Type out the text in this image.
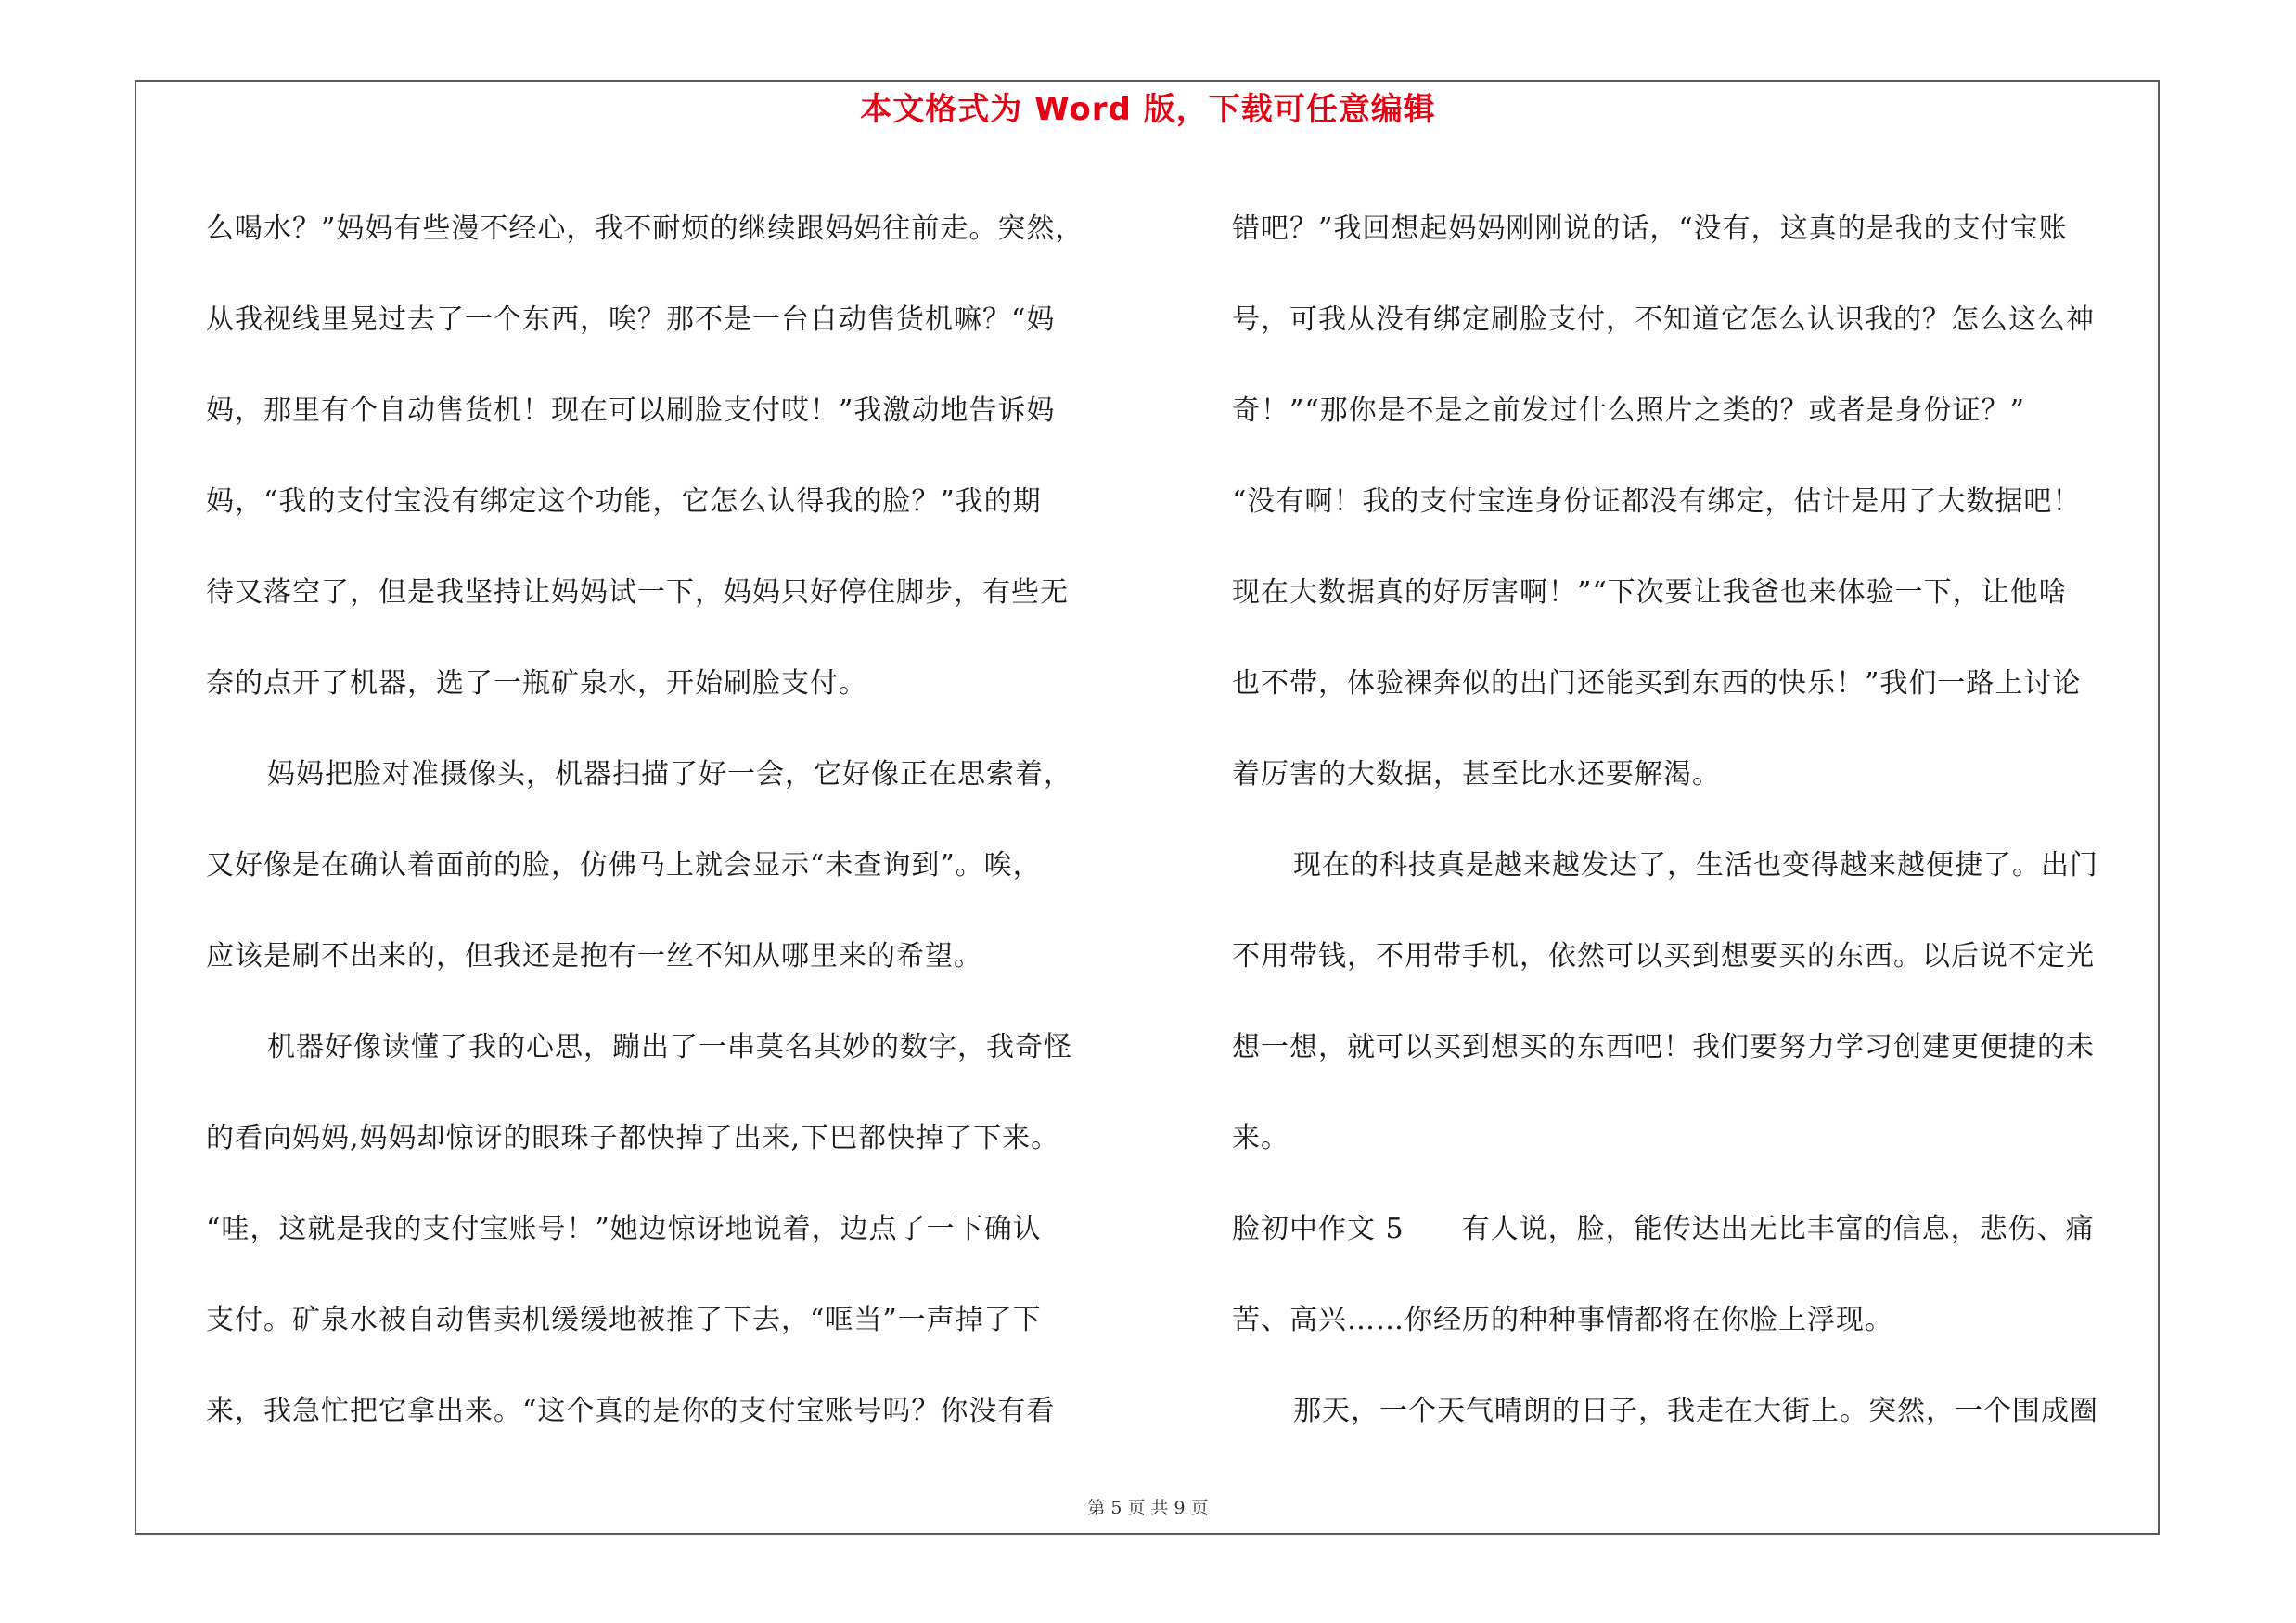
本文格式为 Word 版，下载可任意编辑
么喝水？”妈妈有些漫不经心，我不耐烦的继续跟妈妈往前走。突然，
从我视线里晃过去了一个东西，唉？那不是一台自动售货机嘛？“妈
妈，那里有个自动售货机！现在可以刷脸支付哎！”我激动地告诉妈
妈，“我的支付宝没有绑定这个功能，它怎么认得我的脸？”我的期
待又落空了，但是我坚持让妈妈试一下，妈妈只好停住脚步，有些无
奈的点开了机器，选了一瓶矿泉水，开始刷脸支付。
妈妈把脸对准摄像头，机器扫描了好一会，它好像正在思索着，
又好像是在确认着面前的脸，仿佛马上就会显示“未查询到”。唉，
应该是刷不出来的，但我还是抱有一丝不知从哪里来的希望。
机器好像读懂了我的心思，蹦出了一串莫名其妙的数字，我奇怪
的看向妈妈,妈妈却惊讶的眼珠子都快掉了出来,下巴都快掉了下来。
“哇，这就是我的支付宝账号！”她边惊讶地说着，边点了一下确认
支付。矿泉水被自动售卖机缓缓地被推了下去，“哐当”一声掉了下
来，我急忙把它拿出来。“这个真的是你的支付宝账号吗？你没有看
错吧？”我回想起妈妈刚刚说的话，“没有，这真的是我的支付宝账
号，可我从没有绑定刷脸支付，不知道它怎么认识我的？怎么这么神
奇！”“那你是不是之前发过什么照片之类的？或者是身份证？”
“没有啊！我的支付宝连身份证都没有绑定，估计是用了大数据吧！
现在大数据真的好厉害啊！”“下次要让我爸也来体验一下，让他啥
也不带，体验裸奔似的出门还能买到东西的快乐！”我们一路上讨论
着厉害的大数据，甚至比水还要解渴。
现在的科技真是越来越发达了，生活也变得越来越便捷了。出门
不用带钱，不用带手机，依然可以买到想要买的东西。以后说不定光
想一想，就可以买到想买的东西吧！我们要努力学习创建更便捷的未
来。
脸初中作文 5　　有人说，脸，能传达出无比丰富的信息，悲伤、痛
苦、高兴……你经历的种种事情都将在你脸上浮现。
那天，一个天气晴朗的日子，我走在大街上。突然，一个围成圈
第 5 页 共 9 页
